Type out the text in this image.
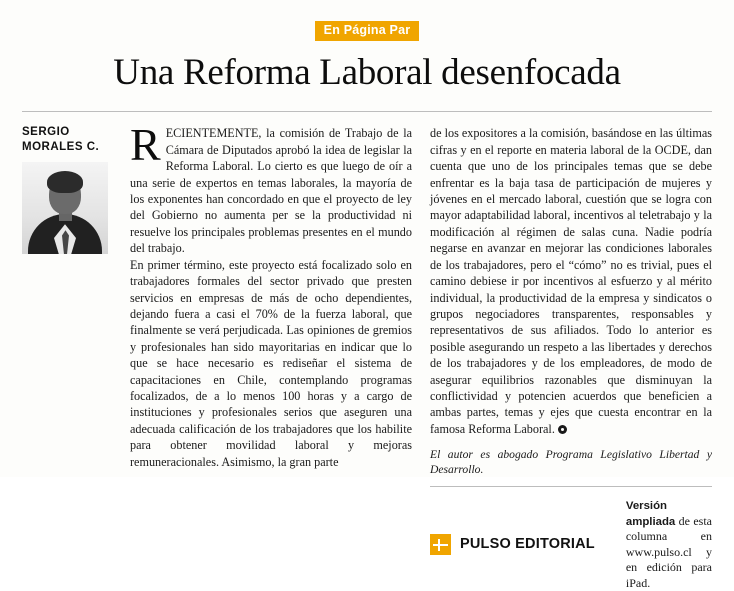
En Página Par
Una Reforma Laboral desenfocada
SERGIO
MORALES C. RECIENTEMENTE, la comisión de Trabajo de la Cámara de Diputados aprobó la idea de legislar la Reforma Laboral. Lo cierto es que luego de oír a una serie de expertos en temas laborales, la mayoría de los exponentes han concordado en que el proyecto de ley del Gobierno no aumenta per se la productividad ni resuelve los principales problemas presentes en el mundo del trabajo.

En primer término, este proyecto está focalizado solo en trabajadores formales del sector privado que presten servicios en empresas de más de ocho dependientes, dejando fuera a casi el 70% de la fuerza laboral, que finalmente se verá perjudicada. Las opiniones de gremios y profesionales han sido mayoritarias en indicar que lo que se hace necesario es rediseñar el sistema de capacitaciones en Chile, contemplando programas focalizados, de a lo menos 100 horas y a cargo de instituciones y profesionales serios que aseguren una adecuada calificación de los trabajadores que los habilite para obtener movilidad laboral y mejoras remuneracionales. Asimismo, la gran parte

de los expositores a la comisión, basándose en las últimas cifras y en el reporte en materia laboral de la OCDE, dan cuenta que uno de los principales temas que se debe enfrentar es la baja tasa de participación de mujeres y jóvenes en el mercado laboral, cuestión que se logra con mayor adaptabilidad laboral, incentivos al teletrabajo y la modificación al régimen de salas cuna. Nadie podría negarse en avanzar en mejorar las condiciones laborales de los trabajadores, pero el “cómo” no es trivial, pues el camino debiese ir por incentivos al esfuerzo y al mérito individual, la productividad de la empresa y sindicatos o grupos negociadores transparentes, responsables y representativos de sus afiliados. Todo lo anterior es posible asegurando un respeto a las libertades y derechos de los trabajadores y de los empleadores, de modo de asegurar equilibrios razonables que disminuyan la conflictividad y potencien acuerdos que beneficien a ambas partes, temas y ejes que cuesta encontrar en la famosa Reforma Laboral.

El autor es abogado Programa Legislativo Libertad y Desarrollo.
PULSO EDITORIAL
Versión ampliada de esta columna en www.pulso.cl y en edición para iPad.
